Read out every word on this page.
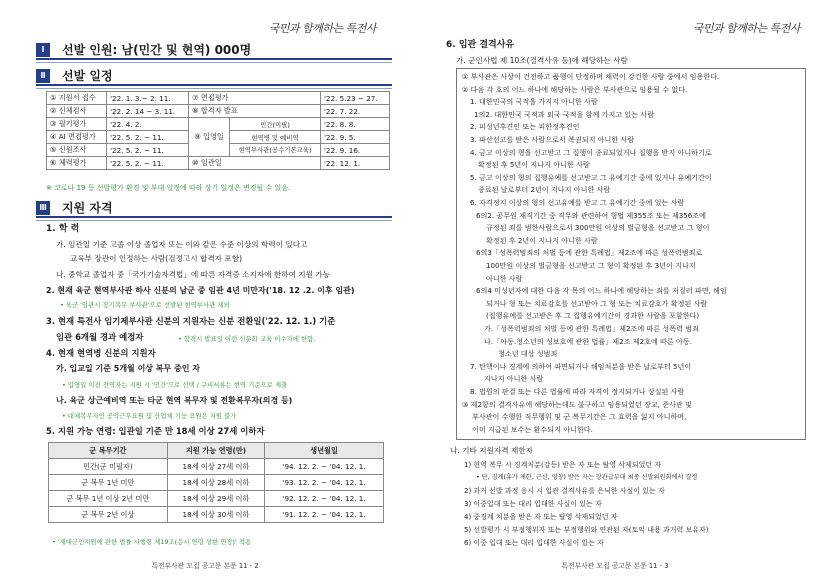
국민과 함께하는 특전사
Ⅰ	선발 인원: 남(민간 및 현역) 000명
Ⅱ	선발 일정
① 지원서 접수	'22. 1. 3.~ 2. 11.	⑦ 면접평가		'22. 5.23 ~ 27.
② 신체검사	'22. 2. 14 ~ 3. 11.	⑧ 합격자 발표		'22. 7. 22.
③ 필기평가	'22. 4. 2.	⑨ 입영일	민간(미필)	'22. 8. 8.
④ AI 면접평가	'22. 5. 2. ~ 11.		현역병 및 예비역	'22. 9. 5.
⑤ 신원조사	'22. 5. 2. ~ 11.		현역부사관(공수기본교육)	'22. 9. 16.
⑥ 체력평가	'22. 5. 2. ~ 11.	⑩ 임관일		'22. 12. 1.
※ 코로나 19 등 선발평가 환경 및 부대 일정에 따라 상기 일정은 변경될 수 있음.
Ⅲ 지원 자격
1. 학 력
가. 임관일 기준 고졸 이상 졸업자 또는 이와 같은 수준 이상의 학력이 있다고
교육부 장관이 인정하는 사람(검정고시 합격자 포함)
나. 중학교 졸업자 중「국가기술자격법」에 따른 자격증 소지자에 한하여 지원 가능
2. 현재 육군 현역부사관 하사 신분의 남군 중 임관 4년 미만자('18. 12 .2. 이후 임관)
• 육군 '임관시 장기복무 부사관'으로 선발된 현역부사관 제외
3. 현재 특전사 임기제부사관 신분의 지원자는 신분 전환일('22. 12. 1.) 기준
임관 6개월 경과 예정자	• 합격시 발표일 이전 신분화 교육 이수자에 한함.
4. 현재 현역병 신분의 지원자
가. 입교일 기준 5개월 이상 복무 중인 자
• 입영일 이전 전역자는 지원 시 '민간'으로 선택 / 구비서류는 현역 기준으로 제출
나. 육군 상근예비역 또는 타군 현역 복무자 및 전환복무자(의경 등)
• 대체복무자인 공익근무요원 및 산업체 기능 요원은 지원 불가
5. 지원 가능 연령: 입관일 기준 만 18세 이상 27세 이하자
군 복무기간	지원 가능 연령(만)	생년월일
민간(군 미필자)	18세 이상 27세 이하	'94. 12. 2. ~ '04. 12. 1.
군 복무 1년 미만	18세 이상 28세 이하	'93. 12. 2. ~ '04. 12. 1.
군 복무 1년 이상 2년 미만	18세 이상 29세 이하	'92. 12. 2. ~ '04. 12. 1.
군 복무 2년 이상	18세 이상 30세 이하	'91. 12. 2. ~ '04. 12. 1.
• '제대군인지원에 관한 법률 시행령 제19조(응시 연령 상한 연장)' 적용
특전부사관 모집 공고문 본문 11 - 2
국민과 함께하는 특전사
6. 임관 결격사유
가. 군인사법 제 10조(결격사유 등)에 해당하는 사람
① 부사관은 사상이 건전하고 품행이 단정하며 체력이 강건한 사람 중에서 임용한다.
② 다음 각 호의 어느 하나에 해당하는 사람은 부사관으로 임용될 수 없다.
1. 대한민국의 국적을 가지지 아니한 사람
1의2. 대한민국 국적과 외국 국적을 함께 가지고 있는 사람
2. 피성년후견인 또는 피한정후견인
3. 파산선고를 받은 사람으로서 복권되지 아니한 사람
4. 금고 이상의 형을 선고받고 그 집행이 종료되었거나 집행을 받지 아니하기로
확정된 후 5년이 지나지 아니한 사람
5. 금고 이상의 형의 집행유예를 선고받고 그 유예기간 중에 있거나 유예기간이
종료된 날로부터 2년이 지나지 아니한 사람
6. 자격정지 이상의 형의 선고유예를 받고 그 유예기간 중에 있는 사람
6의2. 공무원 재직기간 중 직무와 관련하여 형법 제355조 또는 제356조에
규정된 죄를 범한사람으로서 300만원 이상의 벌금형을 선고받고 그 형이
확정된 후 2년이 지나지 아니한 사람
6의3「성폭력범죄의 처벌 등에 관한 특례법」제2조에 따른 성폭력범죄로
100만원 이상의 벌금형을 선고받고 그 형이 확정된 후 3년이 지나지
아니한 사람
6의4 미성년자에 대한 다음 각 목의 어느 하나에 해당하는 죄를 저질러 파면, 해임
되거나 형 또는 치료감호를 선고받아 그 형 또는 치료감호가 확정된 사람
(집행유예를 선고받은 후 그 집행유예기간이 경과한 사람을 포함한다)
가.「성폭력범죄의 처벌 등에 관한 특례법」제2조에 따른 성폭력 범죄
나.「아동.청소년의 성보호에 관한 법률」제2조 제2호에 따른 아동.
청소년 대상 성범죄
7. 탄핵이나 징계에 의하여 파면되거나 해임처분을 받은 날로부터 5년이
지나지 아니한 사람
8. 법원의 판결 또는 다른 법률에 따라 자격이 정지되거나 상실된 사람
③ 제2항의 결격사유에 해당하는데도 불구하고 임용되었던 장교, 준사관 및
부사관이 수행한 직무행위 및 군 복무기간은 그 효력을 잃지 아니하며,
이미 지급된 보수는 환수되지 아니한다.
나. 기타 지원자격 제한자
1) 현역 복무 시 징계처분(강등) 받은 자 또는 탈영 삭제되었던 자
• 단, 징계(휴가 제한, 근신, 영창) 받은 자는 장관급부대 최종 선발위원회에서 결정
2) 과거 선발 과정 응시 시 입관 결격사유를 은닉한 사실이 있는 자
3) 이중입대 또는 대리 입대한 사실이 있는 자
4) 중징계 처분을 받은 자 또는 탈영 삭제되었던 자
5) 선발평가 시 부정행위자 또는 부정행위와 연관된 자(토익 내용 과거력 보유자)
6) 이중 입대 또는 대리 입대한 사실이 있는 자
특전부사관 모집 공고문 본문 11 - 3
